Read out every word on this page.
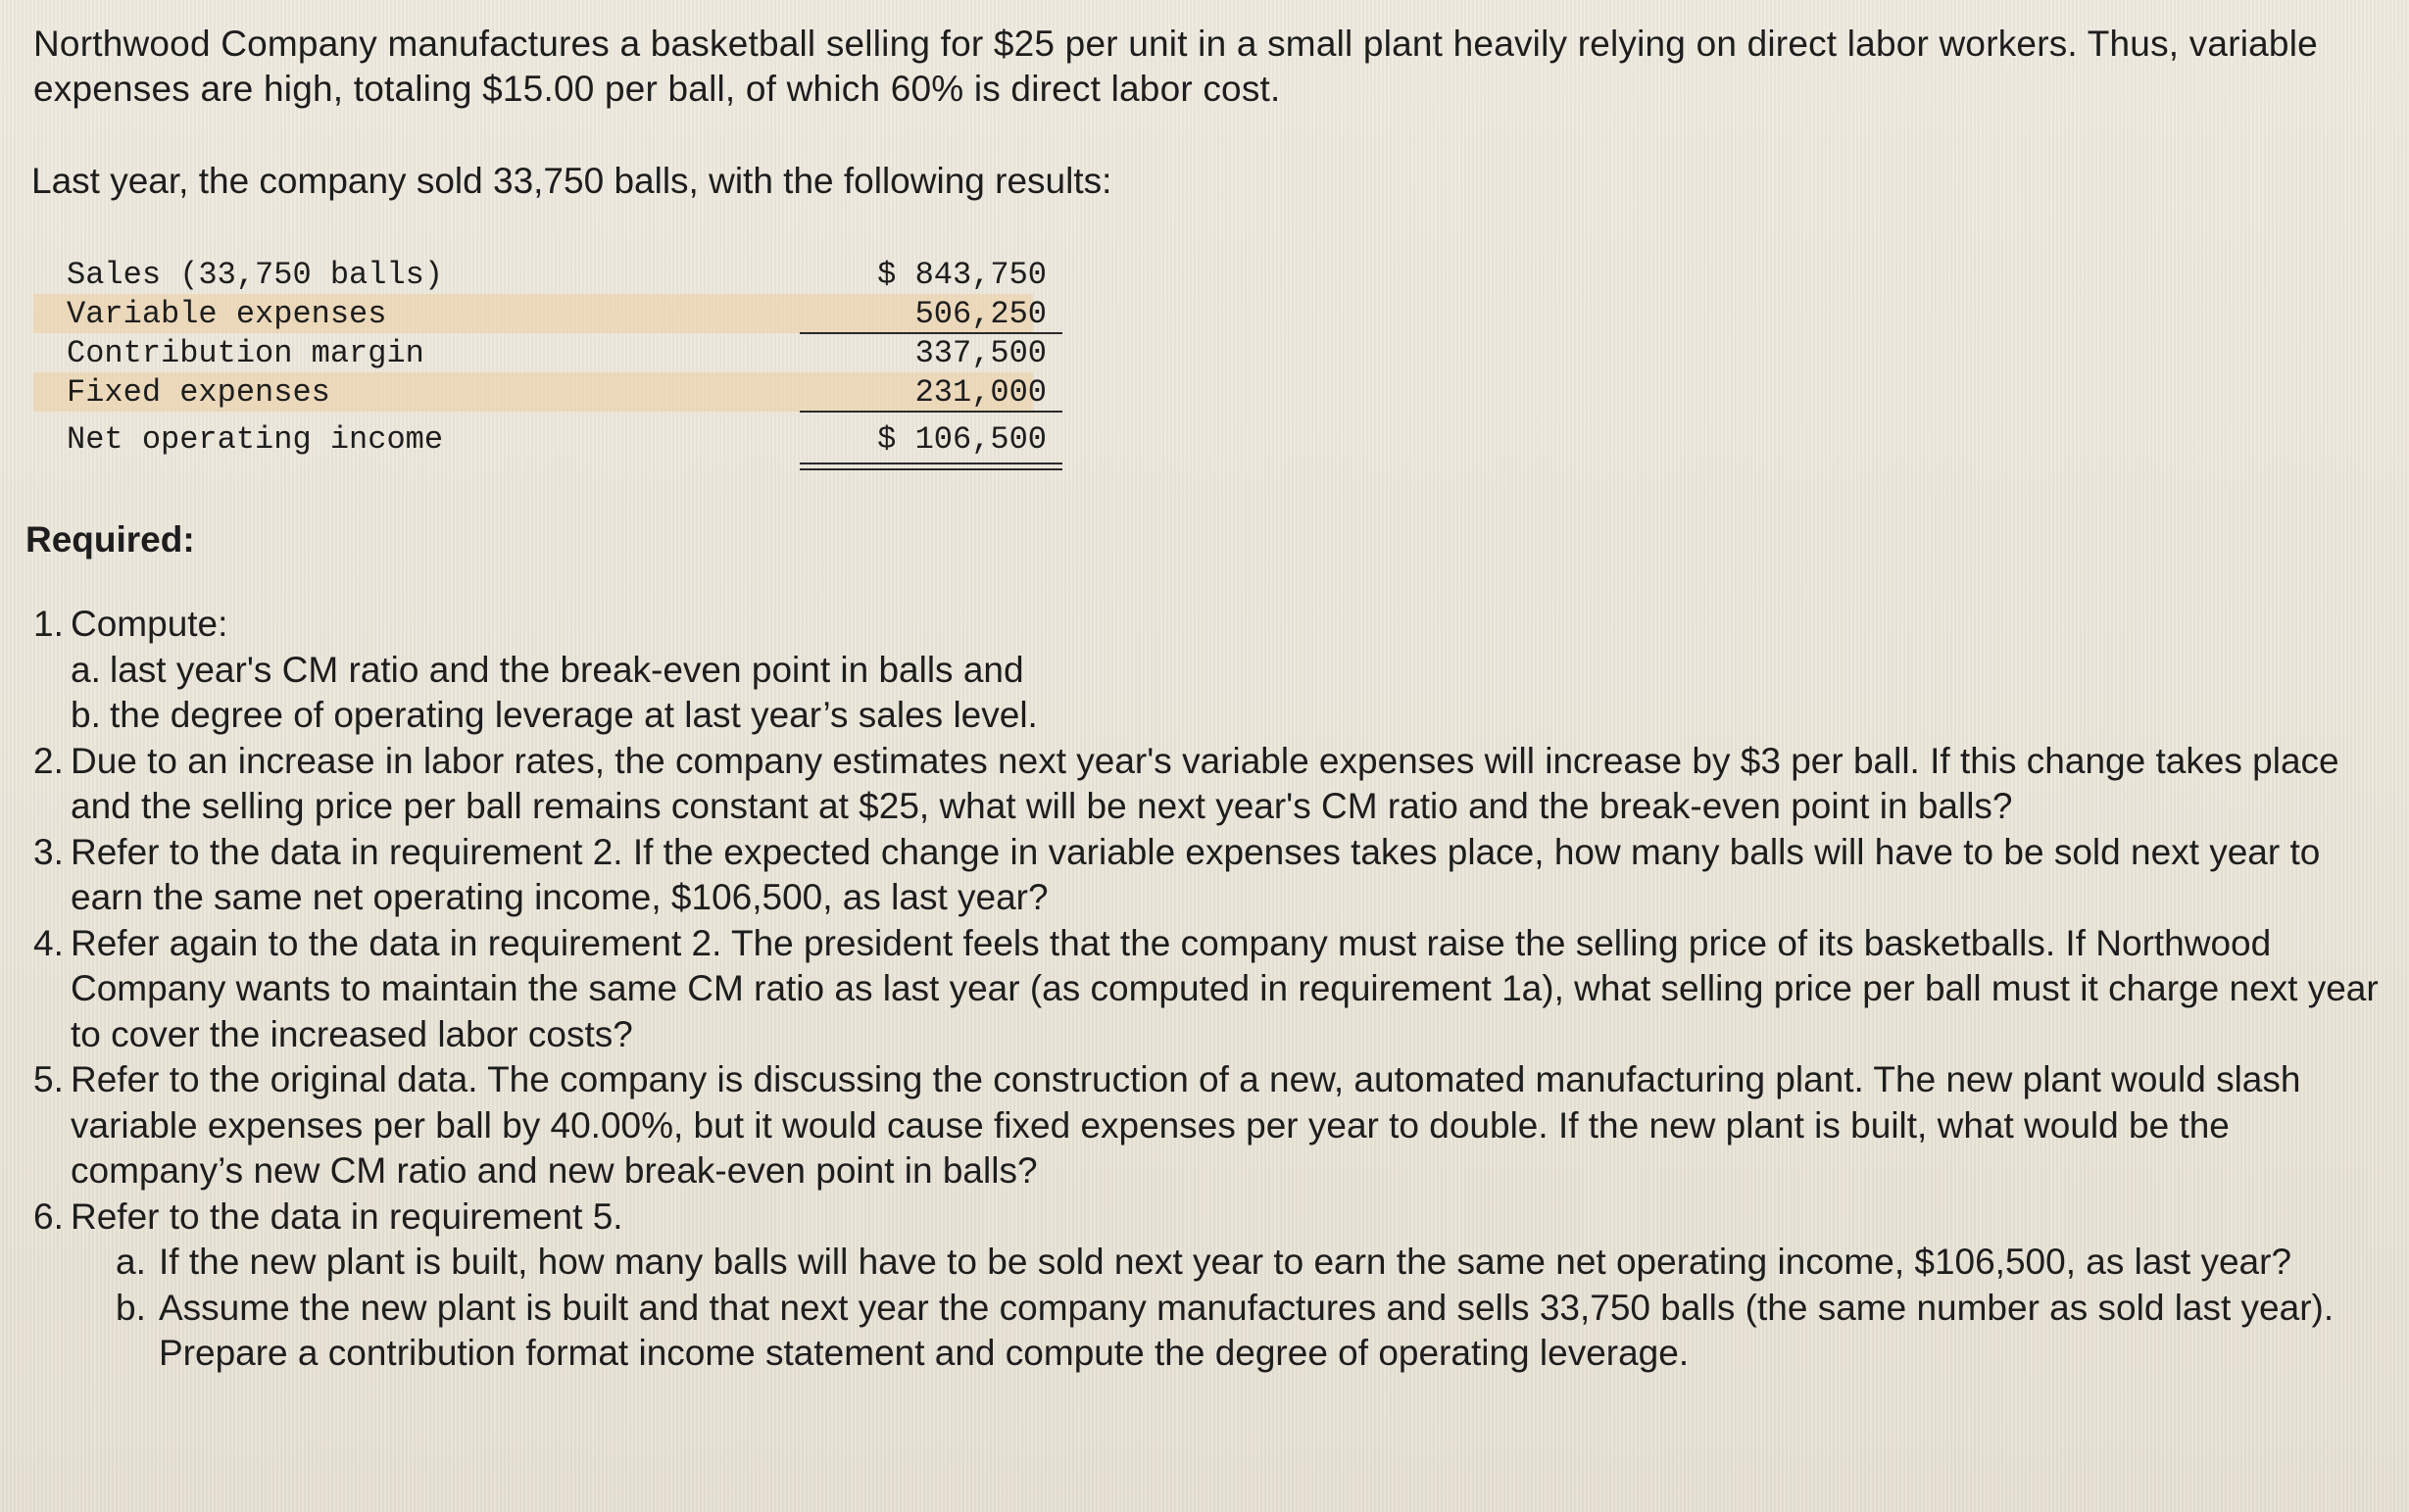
Northwood Company manufactures a basketball selling for $25 per unit in a small plant heavily relying on direct labor workers. Thus, variable expenses are high, totaling $15.00 per ball, of which 60% is direct labor cost.

Last year, the company sold 33,750 balls, with the following results:

Sales (33,750 balls)	$ 843,750
Variable expenses	506,250
Contribution margin	337,500
Fixed expenses	231,000
Net operating income	$ 106,500

Required:

1. Compute:
a. last year's CM ratio and the break-even point in balls and
b. the degree of operating leverage at last year’s sales level.
2. Due to an increase in labor rates, the company estimates next year's variable expenses will increase by $3 per ball. If this change takes place and the selling price per ball remains constant at $25, what will be next year's CM ratio and the break-even point in balls?
3. Refer to the data in requirement 2. If the expected change in variable expenses takes place, how many balls will have to be sold next year to earn the same net operating income, $106,500, as last year?
4. Refer again to the data in requirement 2. The president feels that the company must raise the selling price of its basketballs. If Northwood Company wants to maintain the same CM ratio as last year (as computed in requirement 1a), what selling price per ball must it charge next year to cover the increased labor costs?
5. Refer to the original data. The company is discussing the construction of a new, automated manufacturing plant. The new plant would slash variable expenses per ball by 40.00%, but it would cause fixed expenses per year to double. If the new plant is built, what would be the company’s new CM ratio and new break-even point in balls?
6. Refer to the data in requirement 5.
a. If the new plant is built, how many balls will have to be sold next year to earn the same net operating income, $106,500, as last year?
b. Assume the new plant is built and that next year the company manufactures and sells 33,750 balls (the same number as sold last year). Prepare a contribution format income statement and compute the degree of operating leverage.
